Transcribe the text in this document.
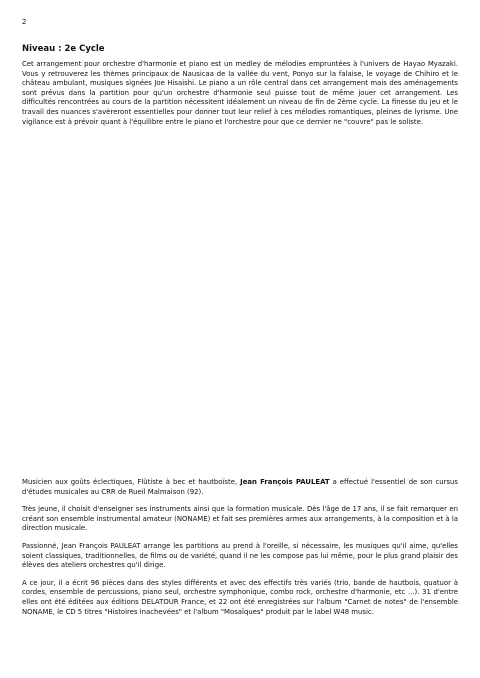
2
Niveau : 2e Cycle

Cet arrangement pour orchestre d'harmonie et piano est un medley de mélodies empruntées à l'univers de Hayao Myazaki. Vous y retrouverez les thèmes principaux de Nausicaa de la vallée du vent, Ponyo sur la falaise, le voyage de Chihiro et le château ambulant, musiques signées Joe Hisaishi. Le piano a un rôle central dans cet arrangement mais des aménagements sont prévus dans la partition pour qu'un orchestre d'harmonie seul puisse tout de même jouer cet arrangement. Les difficultés rencontrées au cours de la partition nécessitent idéalement un niveau de fin de 2ème cycle. La finesse du jeu et le travail des nuances s'avèreront essentielles pour donner tout leur relief à ces mélodies romantiques, pleines de lyrisme. Une vigilance est à prévoir quant à l'équilibre entre le piano et l'orchestre pour que ce dernier ne "couvre" pas le soliste.

Musicien aux goûts éclectiques, Flûtiste à bec et hautboïste, Jean François PAULEAT a effectué l'essentiel de son cursus d'études musicales au CRR de Rueil Malmaison (92).

Très jeune, il choisit d'enseigner ses instruments ainsi que la formation musicale. Dès l'âge de 17 ans, il se fait remarquer en créant son ensemble instrumental amateur (NONAME) et fait ses premières armes aux arrangements, à la composition et à la direction musicale.

Passionné, Jean François PAULEAT arrange les partitions au prend à l'oreille, si nécessaire, les musiques qu'il aime, qu'elles soient classiques, traditionnelles, de films ou de variété, quand il ne les compose pas lui même, pour le plus grand plaisir des élèves des ateliers orchestres qu'il dirige.

A ce jour, il a écrit 96 pièces dans des styles différents et avec des effectifs très variés (trio, bande de hautbois, quatuor à cordes, ensemble de percussions, piano seul, orchestre symphonique, combo rock, orchestre d'harmonie, etc ...). 31 d'entre elles ont été éditées aux éditions DELATOUR France, et 22 ont été enregistrées sur l'album "Carnet de notes" de l'ensemble NONAME, le CD 5 titres "Histoires inachevées" et l'album "Mosaïques" produit par le label W48 music.
